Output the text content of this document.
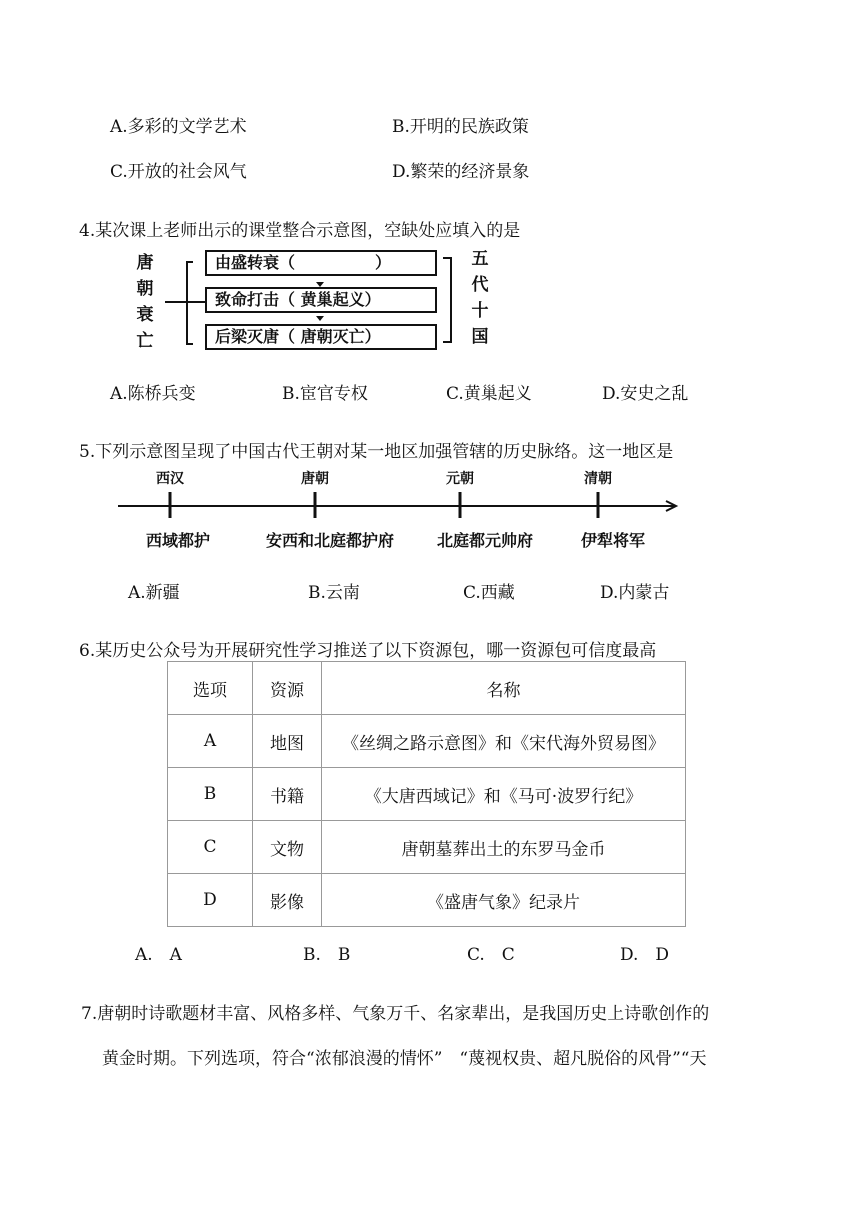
A.多彩的文学艺术	B.开明的民族政策
C.开放的社会风气	D.繁荣的经济景象
4.某次课上老师出示的课堂整合示意图，空缺处应填入的是
唐
朝
衰
亡
由盛转衰（　　　　　）
致命打击（ 黄巢起义）
后梁灭唐（ 唐朝灭亡）
五
代
十
国
A.陈桥兵变	B.宦官专权	C.黄巢起义	D.安史之乱
5.下列示意图呈现了中国古代王朝对某一地区加强管辖的历史脉络。这一地区是
西汉	唐朝	元朝	清朝
西域都护	安西和北庭都护府	北庭都元帅府	伊犁将军
A.新疆	B.云南	C.西藏	D.内蒙古
6.某历史公众号为开展研究性学习推送了以下资源包，哪一资源包可信度最高
选项	资源	名称
A	地图	《丝绸之路示意图》和《宋代海外贸易图》
B	书籍	《大唐西域记》和《马可·波罗行纪》
C	文物	唐朝墓葬出土的东罗马金币
D	影像	《盛唐气象》纪录片
A.　A	B.　B	C.　C	D.　D
7.唐朝时诗歌题材丰富、风格多样、气象万千、名家辈出，是我国历史上诗歌创作的
黄金时期。下列选项，符合“浓郁浪漫的情怀”　“蔑视权贵、超凡脱俗的风骨”“天
